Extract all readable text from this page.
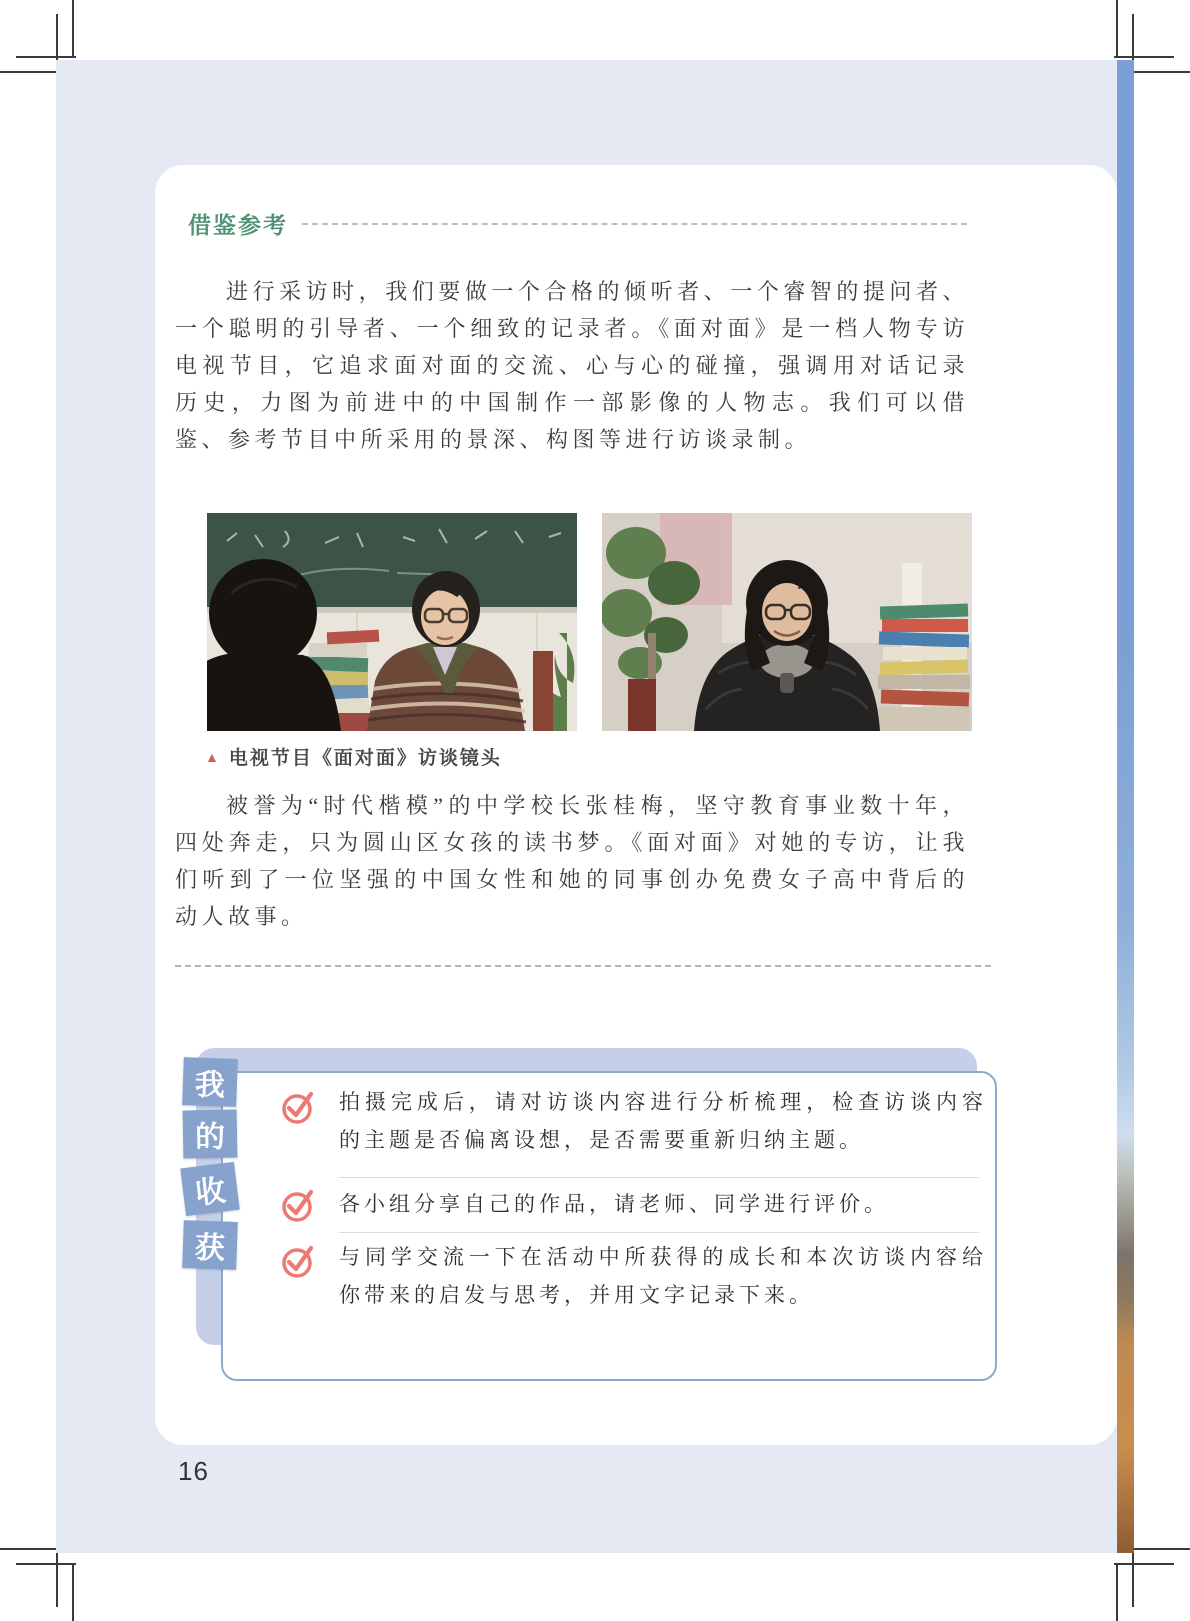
借鉴参考
进行采访时，我们要做一个合格的倾听者、一个睿智的提问者、一个聪明的引导者、一个细致的记录者。《面对面》是一档人物专访电视节目，它追求面对面的交流、心与心的碰撞，强调用对话记录历史，力图为前进中的中国制作一部影像的人物志。我们可以借鉴、参考节目中所采用的景深、构图等进行访谈录制。
▲ 电视节目《面对面》访谈镜头
被誉为“时代楷模”的中学校长张桂梅，坚守教育事业数十年，四处奔走，只为圆山区女孩的读书梦。《面对面》对她的专访，让我们听到了一位坚强的中国女性和她的同事创办免费女子高中背后的动人故事。
拍摄完成后，请对访谈内容进行分析梳理，检查访谈内容的主题是否偏离设想，是否需要重新归纳主题。
各小组分享自己的作品，请老师、同学进行评价。
与同学交流一下在活动中所获得的成长和本次访谈内容给你带来的启发与思考，并用文字记录下来。
我
的
收
获
16
